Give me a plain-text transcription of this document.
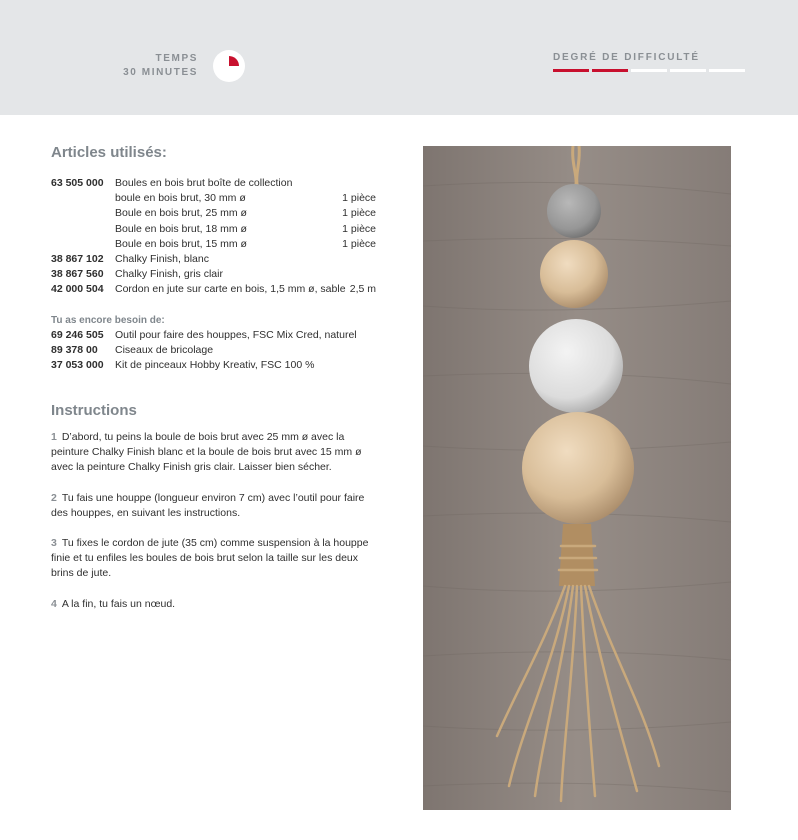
TEMPS
30 MINUTES
DEGRÉ DE DIFFICULTÉ
Articles utilisés:
63 505 000	Boules en bois brut boîte de collection
boule en bois brut, 30 mm ø	1 pièce
Boule en bois brut, 25 mm ø	1 pièce
Boule en bois brut, 18 mm ø	1 pièce
Boule en bois brut, 15 mm ø	1 pièce
38 867 102	Chalky Finish, blanc
38 867 560	Chalky Finish, gris clair
42 000 504	Cordon en jute sur carte en bois, 1,5 mm ø, sable 2,5 m
Tu as encore besoin de:
69 246 505	Outil pour faire des houppes, FSC Mix Cred, naturel
89 378 00	Ciseaux de bricolage
37 053 000	Kit de pinceaux Hobby Kreativ, FSC 100 %
Instructions
1 D’abord, tu peins la boule de bois brut avec 25 mm ø avec la peinture Chalky Finish blanc et la boule de bois brut avec 15 mm ø avec la peinture Chalky Finish gris clair. Laisser bien sécher.
2 Tu fais une houppe (longueur environ 7 cm) avec l’outil pour faire des houppes, en suivant les instructions.
3 Tu fixes le cordon de jute (35 cm) comme suspension à la houppe finie et tu enfiles les boules de bois brut selon la taille sur les deux brins de jute.
4 A la fin, tu fais un nœud.
